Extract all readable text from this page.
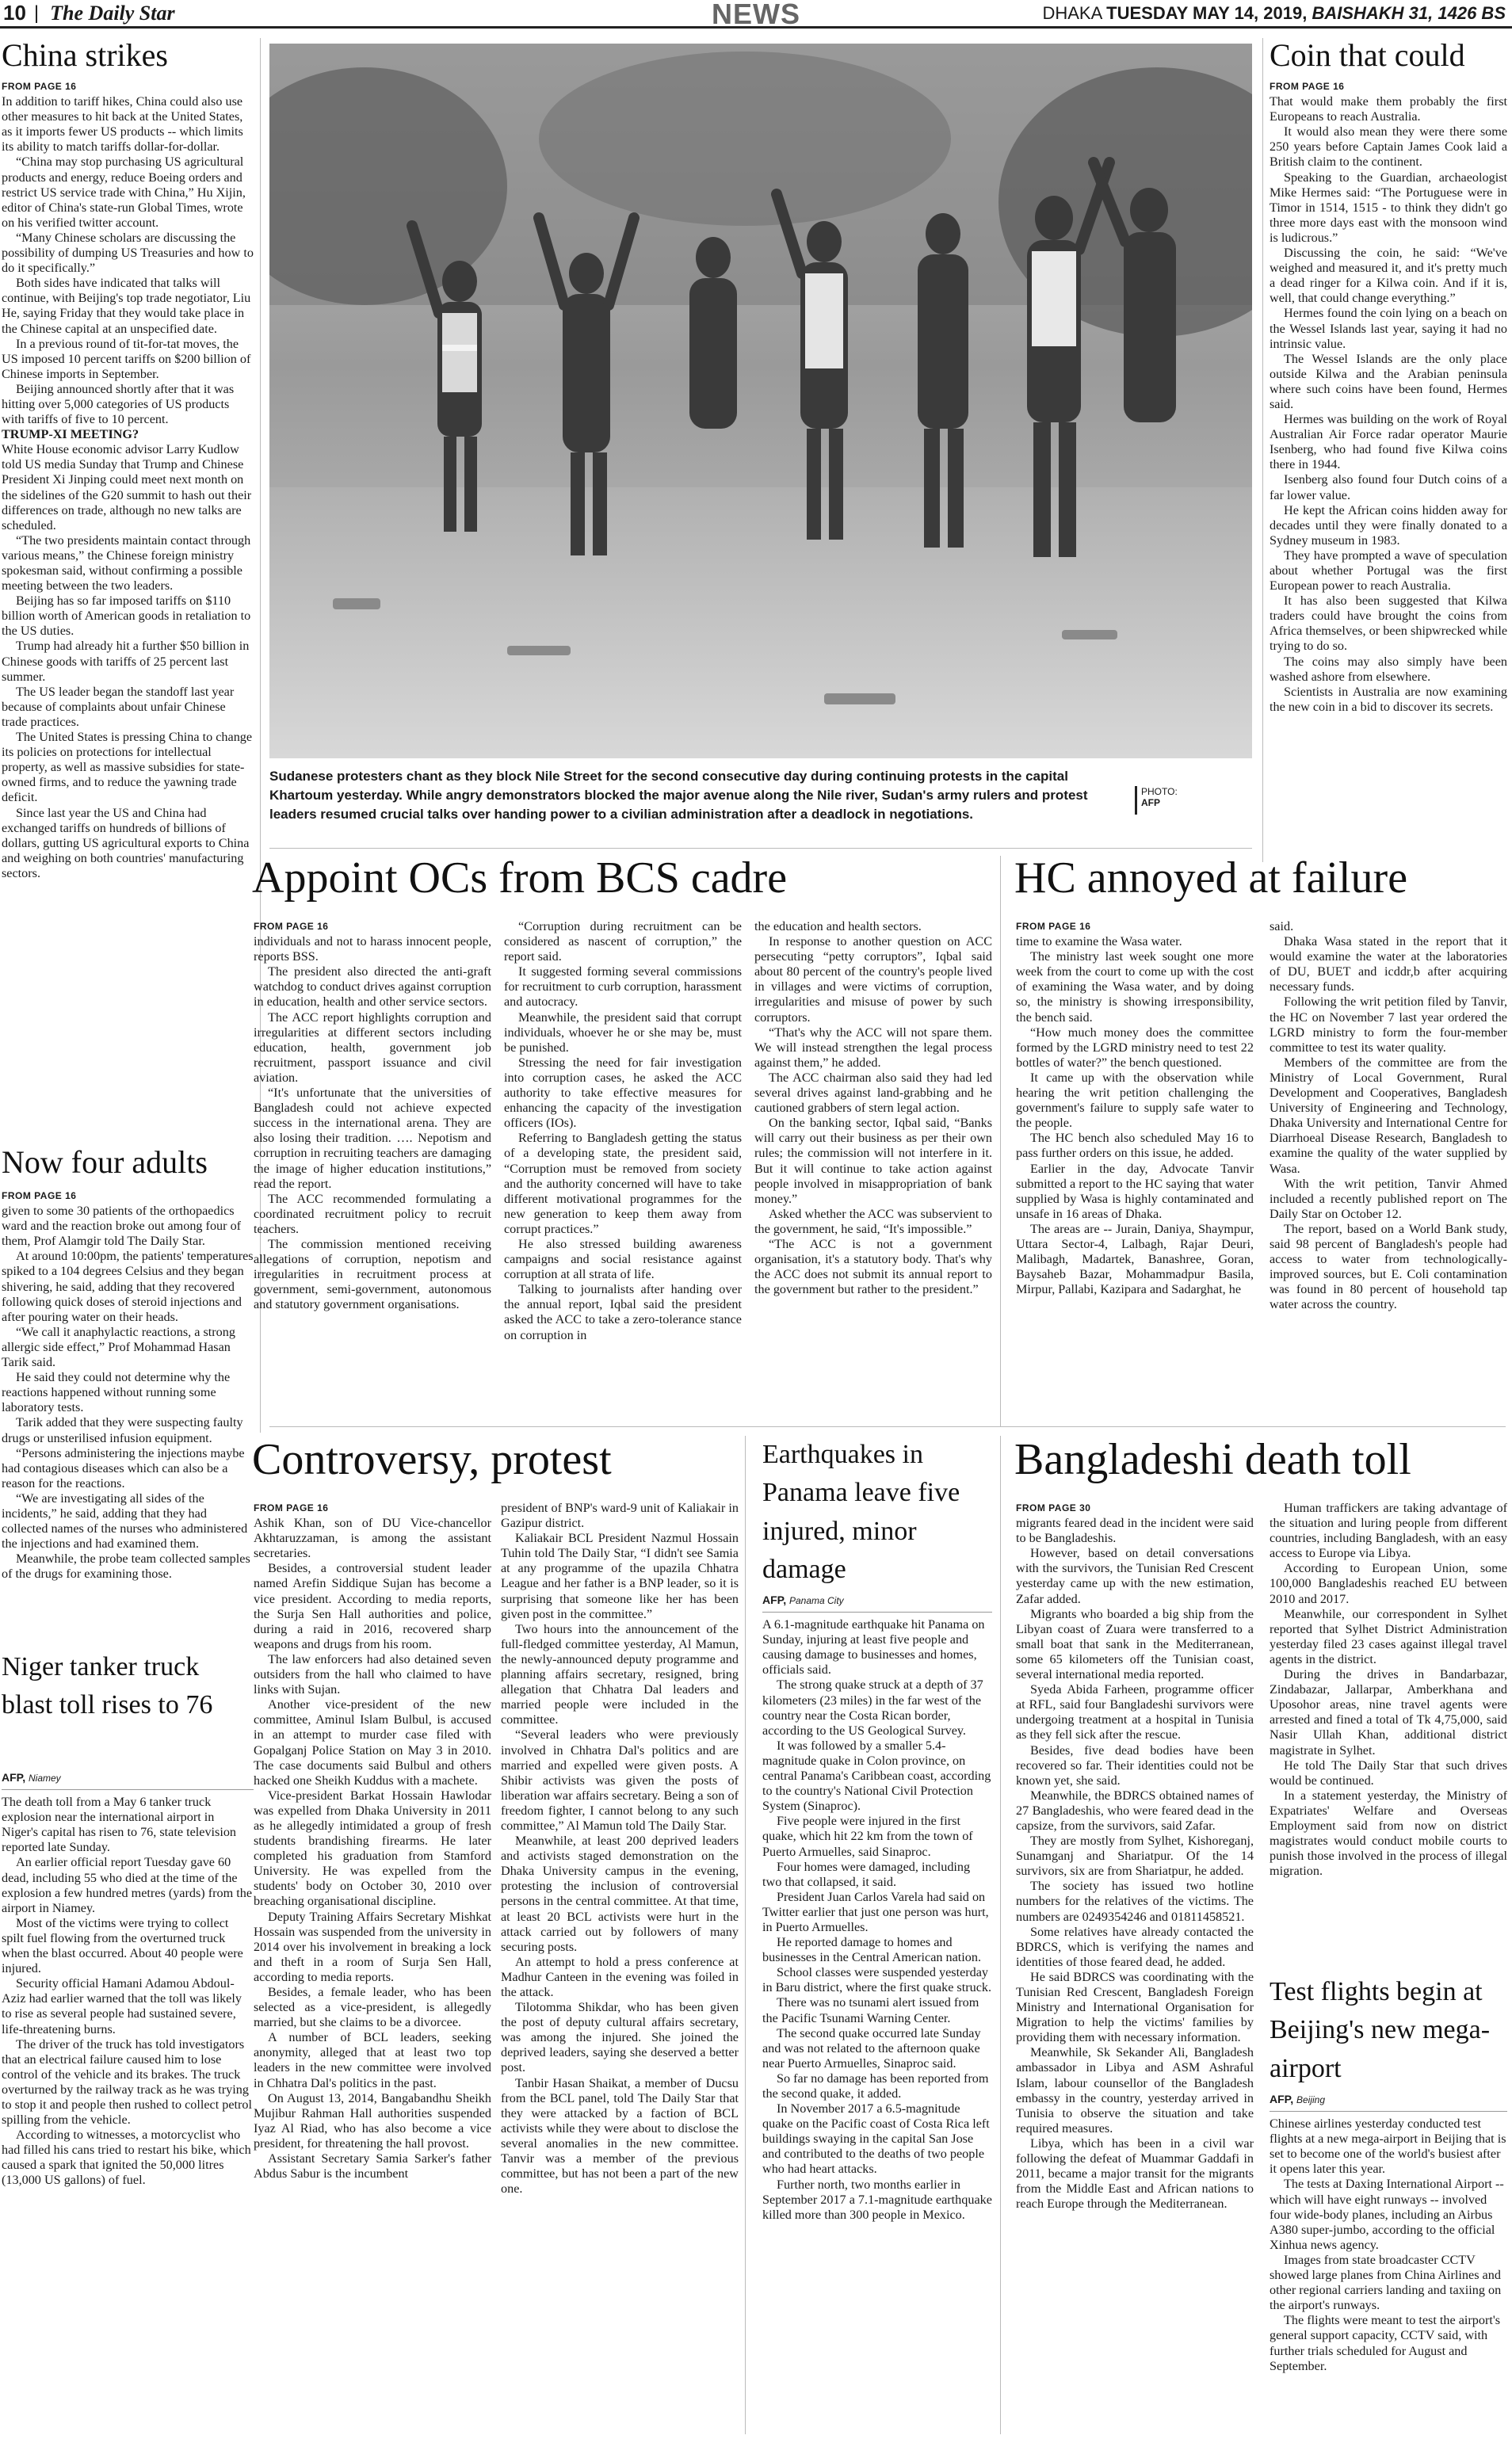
10 | The Daily Star	NEWS	DHAKA TUESDAY MAY 14, 2019, BAISHAKH 31, 1426 BS
China strikes

FROM PAGE 16

In addition to tariff hikes, China could also use other measures to hit back at the United States, as it imports fewer US products -- which limits its ability to match tariffs dollar-for-dollar.

“China may stop purchasing US agricultural products and energy, reduce Boeing orders and restrict US service trade with China,” Hu Xijin, editor of China's state-run Global Times, wrote on his verified twitter account.

“Many Chinese scholars are discussing the possibility of dumping US Treasuries and how to do it specifically.”

Both sides have indicated that talks will continue, with Beijing's top trade negotiator, Liu He, saying Friday that they would take place in the Chinese capital at an unspecified date.

In a previous round of tit-for-tat moves, the US imposed 10 percent tariffs on $200 billion of Chinese imports in September.

Beijing announced shortly after that it was hitting over 5,000 categories of US products with tariffs of five to 10 percent.

TRUMP-XI MEETING?

White House economic advisor Larry Kudlow told US media Sunday that Trump and Chinese President Xi Jinping could meet next month on the sidelines of the G20 summit to hash out their differences on trade, although no new talks are scheduled.

“The two presidents maintain contact through various means,” the Chinese foreign ministry spokesman said, without confirming a possible meeting between the two leaders.

Beijing has so far imposed tariffs on $110 billion worth of American goods in retaliation to the US duties.

Trump had already hit a further $50 billion in Chinese goods with tariffs of 25 percent last summer.

The US leader began the standoff last year because of complaints about unfair Chinese trade practices.

The United States is pressing China to change its policies on protections for intellectual property, as well as massive subsidies for state-owned firms, and to reduce the yawning trade deficit.

Since last year the US and China had exchanged tariffs on hundreds of billions of dollars, gutting US agricultural exports to China and weighing on both countries' manufacturing sectors.

Now four adults

FROM PAGE 16

given to some 30 patients of the orthopaedics ward and the reaction broke out among four of them, Prof Alamgir told The Daily Star.

At around 10:00pm, the patients' temperatures spiked to a 104 degrees Celsius and they began shivering, he said, adding that they recovered following quick doses of steroid injections and after pouring water on their heads.

“We call it anaphylactic reactions, a strong allergic side effect,” Prof Mohammad Hasan Tarik said.

He said they could not determine why the reactions happened without running some laboratory tests.

Tarik added that they were suspecting faulty drugs or unsterilised infusion equipment.

“Persons administering the injections maybe had contagious diseases which can also be a reason for the reactions.

“We are investigating all sides of the incidents,” he said, adding that they had collected names of the nurses who administered the injections and had examined them.

Meanwhile, the probe team collected samples of the drugs for examining those.

Niger tanker truck blast toll rises to 76

AFP, Niamey

The death toll from a May 6 tanker truck explosion near the international airport in Niger's capital has risen to 76, state television reported late Sunday.

An earlier official report Tuesday gave 60 dead, including 55 who died at the time of the explosion a few hundred metres (yards) from the airport in Niamey.

Most of the victims were trying to collect spilt fuel flowing from the overturned truck when the blast occurred. About 40 people were injured.

Security official Hamani Adamou Abdoul-Aziz had earlier warned that the toll was likely to rise as several people had sustained severe, life-threatening burns.

The driver of the truck has told investigators that an electrical failure caused him to lose control of the vehicle and its brakes. The truck overturned by the railway track as he was trying to stop it and people then rushed to collect petrol spilling from the vehicle.

According to witnesses, a motorcyclist who had filled his cans tried to restart his bike, which caused a spark that ignited the 50,000 litres (13,000 US gallons) of fuel.

Sudanese protesters chant as they block Nile Street for the second consecutive day during continuing protests in the capital Khartoum yesterday. While angry demonstrators blocked the major avenue along the Nile river, Sudan's army rulers and protest leaders resumed crucial talks over handing power to a civilian administration after a deadlock in negotiations.
PHOTO:
AFP
Coin that could

FROM PAGE 16

That would make them probably the first Europeans to reach Australia.

It would also mean they were there some 250 years before Captain James Cook laid a British claim to the continent.

Speaking to the Guardian, archaeologist Mike Hermes said: “The Portuguese were in Timor in 1514, 1515 - to think they didn't go three more days east with the monsoon wind is ludicrous.”

Discussing the coin, he said: “We've weighed and measured it, and it's pretty much a dead ringer for a Kilwa coin. And if it is, well, that could change everything.”

Hermes found the coin lying on a beach on the Wessel Islands last year, saying it had no intrinsic value.

The Wessel Islands are the only place outside Kilwa and the Arabian peninsula where such coins have been found, Hermes said.

Hermes was building on the work of Royal Australian Air Force radar operator Maurie Isenberg, who had found five Kilwa coins there in 1944.

Isenberg also found four Dutch coins of a far lower value.

He kept the African coins hidden away for decades until they were finally donated to a Sydney museum in 1983.

They have prompted a wave of speculation about whether Portugal was the first European power to reach Australia.

It has also been suggested that Kilwa traders could have brought the coins from Africa themselves, or been shipwrecked while trying to do so.

The coins may also simply have been washed ashore from elsewhere.

Scientists in Australia are now examining the new coin in a bid to discover its secrets.

Appoint OCs from BCS cadre

FROM PAGE 16

individuals and not to harass innocent people, reports BSS.

The president also directed the anti-graft watchdog to conduct drives against corruption in education, health and other service sectors.

The ACC report highlights corruption and irregularities at different sectors including education, health, government job recruitment, passport issuance and civil aviation.

“It's unfortunate that the universities of Bangladesh could not achieve expected success in the international arena. They are also losing their tradition. …. Nepotism and corruption in recruiting teachers are damaging the image of higher education institutions,” read the report.

The ACC recommended formulating a coordinated recruitment policy to recruit teachers.

The commission mentioned receiving allegations of corruption, nepotism and irregularities in recruitment process at government, semi-government, autonomous and statutory government organisations.

“Corruption during recruitment can be considered as nascent of corruption,” the report said.

It suggested forming several commissions for recruitment to curb corruption, harassment and autocracy.

Meanwhile, the president said that corrupt individuals, whoever he or she may be, must be punished.

Stressing the need for fair investigation into corruption cases, he asked the ACC authority to take effective measures for enhancing the capacity of the investigation officers (IOs).

Referring to Bangladesh getting the status of a developing state, the president said, “Corruption must be removed from society and the authority concerned will have to take different motivational programmes for the new generation to keep them away from corrupt practices.”

He also stressed building awareness campaigns and social resistance against corruption at all strata of life.

Talking to journalists after handing over the annual report, Iqbal said the president asked the ACC to take a zero-tolerance stance on corruption in

the education and health sectors.

In response to another question on ACC persecuting “petty corruptors”, Iqbal said about 80 percent of the country's people lived in villages and were victims of corruption, irregularities and misuse of power by such corruptors.

“That's why the ACC will not spare them. We will instead strengthen the legal process against them,” he added.

The ACC chairman also said they had led several drives against land-grabbing and he cautioned grabbers of stern legal action.

On the banking sector, Iqbal said, “Banks will carry out their business as per their own rules; the commission will not interfere in it. But it will continue to take action against people involved in misappropriation of bank money.”

Asked whether the ACC was subservient to the government, he said, “It's impossible.”

“The ACC is not a government organisation, it's a statutory body. That's why the ACC does not submit its annual report to the government but rather to the president.”

HC annoyed at failure

FROM PAGE 16

time to examine the Wasa water.

The ministry last week sought one more week from the court to come up with the cost of examining the Wasa water, and by doing so, the ministry is showing irresponsibility, the bench said.

“How much money does the committee formed by the LGRD ministry need to test 22 bottles of water?” the bench questioned.

It came up with the observation while hearing the writ petition challenging the government's failure to supply safe water to the people.

The HC bench also scheduled May 16 to pass further orders on this issue, he added.

Earlier in the day, Advocate Tanvir submitted a report to the HC saying that water supplied by Wasa is highly contaminated and unsafe in 16 areas of Dhaka.

The areas are -- Jurain, Daniya, Shaympur, Uttara Sector-4, Lalbagh, Rajar Deuri, Malibagh, Madartek, Banashree, Goran, Baysaheb Bazar, Mohammadpur Basila, Mirpur, Pallabi, Kazipara and Sadarghat, he

said.

Dhaka Wasa stated in the report that it would examine the water at the laboratories of DU, BUET and icddr,b after acquiring necessary funds.

Following the writ petition filed by Tanvir, the HC on November 7 last year ordered the LGRD ministry to form the four-member committee to test its water quality.

Members of the committee are from the Ministry of Local Government, Rural Development and Cooperatives, Bangladesh University of Engineering and Technology, Dhaka University and International Centre for Diarrhoeal Disease Research, Bangladesh to examine the quality of the water supplied by Wasa.

With the writ petition, Tanvir Ahmed included a recently published report on The Daily Star on October 12.

The report, based on a World Bank study, said 98 percent of Bangladesh's people had access to water from technologically-improved sources, but E. Coli contamination was found in 80 percent of household tap water across the country.

Controversy, protest

FROM PAGE 16

Ashik Khan, son of DU Vice-chancellor Akhtaruzzaman, is among the assistant secretaries.

Besides, a controversial student leader named Arefin Siddique Sujan has become a vice president. According to media reports, the Surja Sen Hall authorities and police, during a raid in 2016, recovered sharp weapons and drugs from his room.

The law enforcers had also detained seven outsiders from the hall who claimed to have links with Sujan.

Another vice-president of the new committee, Aminul Islam Bulbul, is accused in an attempt to murder case filed with Gopalganj Police Station on May 3 in 2010. The case documents said Bulbul and others hacked one Sheikh Kuddus with a machete.

Vice-president Barkat Hossain Hawlodar was expelled from Dhaka University in 2011 as he allegedly intimidated a group of fresh students brandishing firearms. He later completed his graduation from Stamford University. He was expelled from the students' body on October 30, 2010 over breaching organisational discipline.

Deputy Training Affairs Secretary Mishkat Hossain was suspended from the university in 2014 over his involvement in breaking a lock and theft in a room of Surja Sen Hall, according to media reports.

Besides, a female leader, who has been selected as a vice-president, is allegedly married, but she claims to be a divorcee.

A number of BCL leaders, seeking anonymity, alleged that at least two top leaders in the new committee were involved in Chhatra Dal's politics in the past.

On August 13, 2014, Bangabandhu Sheikh Mujibur Rahman Hall authorities suspended Iyaz Al Riad, who has also become a vice president, for threatening the hall provost.

Assistant Secretary Samia Sarker's father Abdus Sabur is the incumbent

president of BNP's ward-9 unit of Kaliakair in Gazipur district.

Kaliakair BCL President Nazmul Hossain Tuhin told The Daily Star, “I didn't see Samia at any programme of the upazila Chhatra League and her father is a BNP leader, so it is surprising that someone like her has been given post in the committee.”

Two hours into the announcement of the full-fledged committee yesterday, Al Mamun, the newly-announced deputy programme and planning affairs secretary, resigned, bring allegation that Chhatra Dal leaders and married people were included in the committee.

“Several leaders who were previously involved in Chhatra Dal's politics and are married and expelled were given posts. A Shibir activists was given the posts of liberation war affairs secretary. Being a son of freedom fighter, I cannot belong to any such committee,” Al Mamun told The Daily Star.

Meanwhile, at least 200 deprived leaders and activists staged demonstration on the Dhaka University campus in the evening, protesting the inclusion of controversial persons in the central committee. At that time, at least 20 BCL activists were hurt in the attack carried out by followers of many securing posts.

An attempt to hold a press conference at Madhur Canteen in the evening was foiled in the attack.

Tilotomma Shikdar, who has been given the post of deputy cultural affairs secretary, was among the injured. She joined the deprived leaders, saying she deserved a better post.

Tanbir Hasan Shaikat, a member of Ducsu from the BCL panel, told The Daily Star that they were attacked by a faction of BCL activists while they were about to disclose the several anomalies in the new committee. Tanvir was a member of the previous committee, but has not been a part of the new one.

Earthquakes in Panama leave five injured, minor damage

AFP, Panama City

A 6.1-magnitude earthquake hit Panama on Sunday, injuring at least five people and causing damage to businesses and homes, officials said.

The strong quake struck at a depth of 37 kilometers (23 miles) in the far west of the country near the Costa Rican border, according to the US Geological Survey.

It was followed by a smaller 5.4-magnitude quake in Colon province, on central Panama's Caribbean coast, according to the country's National Civil Protection System (Sinaproc).

Five people were injured in the first quake, which hit 22 km from the town of Puerto Armuelles, said Sinaproc.

Four homes were damaged, including two that collapsed, it said.

President Juan Carlos Varela had said on Twitter earlier that just one person was hurt, in Puerto Armuelles.

He reported damage to homes and businesses in the Central American nation.

School classes were suspended yesterday in Baru district, where the first quake struck.

There was no tsunami alert issued from the Pacific Tsunami Warning Center.

The second quake occurred late Sunday and was not related to the afternoon quake near Puerto Armuelles, Sinaproc said.

So far no damage has been reported from the second quake, it added.

In November 2017 a 6.5-magnitude quake on the Pacific coast of Costa Rica left buildings swaying in the capital San Jose and contributed to the deaths of two people who had heart attacks.

Further north, two months earlier in September 2017 a 7.1-magnitude earthquake killed more than 300 people in Mexico.

Bangladeshi death toll

FROM PAGE 30

migrants feared dead in the incident were said to be Bangladeshis.

However, based on detail conversations with the survivors, the Tunisian Red Crescent yesterday came up with the new estimation, Zafar added.

Migrants who boarded a big ship from the Libyan coast of Zuara were transferred to a small boat that sank in the Mediterranean, some 65 kilometers off the Tunisian coast, several international media reported.

Syeda Abida Farheen, programme officer at RFL, said four Bangladeshi survivors were undergoing treatment at a hospital in Tunisia as they fell sick after the rescue.

Besides, five dead bodies have been recovered so far. Their identities could not be known yet, she said.

Meanwhile, the BDRCS obtained names of 27 Bangladeshis, who were feared dead in the capsize, from the survivors, said Zafar.

They are mostly from Sylhet, Kishoreganj, Sunamganj and Shariatpur. Of the 14 survivors, six are from Shariatpur, he added.

The society has issued two hotline numbers for the relatives of the victims. The numbers are 0249354246 and 01811458521.

Some relatives have already contacted the BDRCS, which is verifying the names and identities of those feared dead, he added.

He said BDRCS was coordinating with the Tunisian Red Crescent, Bangladesh Foreign Ministry and International Organisation for Migration to help the victims' families by providing them with necessary information.

Meanwhile, Sk Sekander Ali, Bangladesh ambassador in Libya and ASM Ashraful Islam, labour counsellor of the Bangladesh embassy in the country, yesterday arrived in Tunisia to observe the situation and take required measures.

Libya, which has been in a civil war following the defeat of Muammar Gaddafi in 2011, became a major transit for the migrants from the Middle East and African nations to reach Europe through the Mediterranean.

Human traffickers are taking advantage of the situation and luring people from different countries, including Bangladesh, with an easy access to Europe via Libya.

According to European Union, some 100,000 Bangladeshis reached EU between 2010 and 2017.

Meanwhile, our correspondent in Sylhet reported that Sylhet District Administration yesterday filed 23 cases against illegal travel agents in the district.

During the drives in Bandarbazar, Zindabazar, Jallarpar, Amberkhana and Uposohor areas, nine travel agents were arrested and fined a total of Tk 4,75,000, said Nasir Ullah Khan, additional district magistrate in Sylhet.

He told The Daily Star that such drives would be continued.

In a statement yesterday, the Ministry of Expatriates' Welfare and Overseas Employment said from now on district magistrates would conduct mobile courts to punish those involved in the process of illegal migration.

Test flights begin at Beijing's new mega-airport

AFP, Beijing

Chinese airlines yesterday conducted test flights at a new mega-airport in Beijing that is set to become one of the world's busiest after it opens later this year.

The tests at Daxing International Airport -- which will have eight runways -- involved four wide-body planes, including an Airbus A380 super-jumbo, according to the official Xinhua news agency.

Images from state broadcaster CCTV showed large planes from China Airlines and other regional carriers landing and taxiing on the airport's runways.

The flights were meant to test the airport's general support capacity, CCTV said, with further trials scheduled for August and September.
